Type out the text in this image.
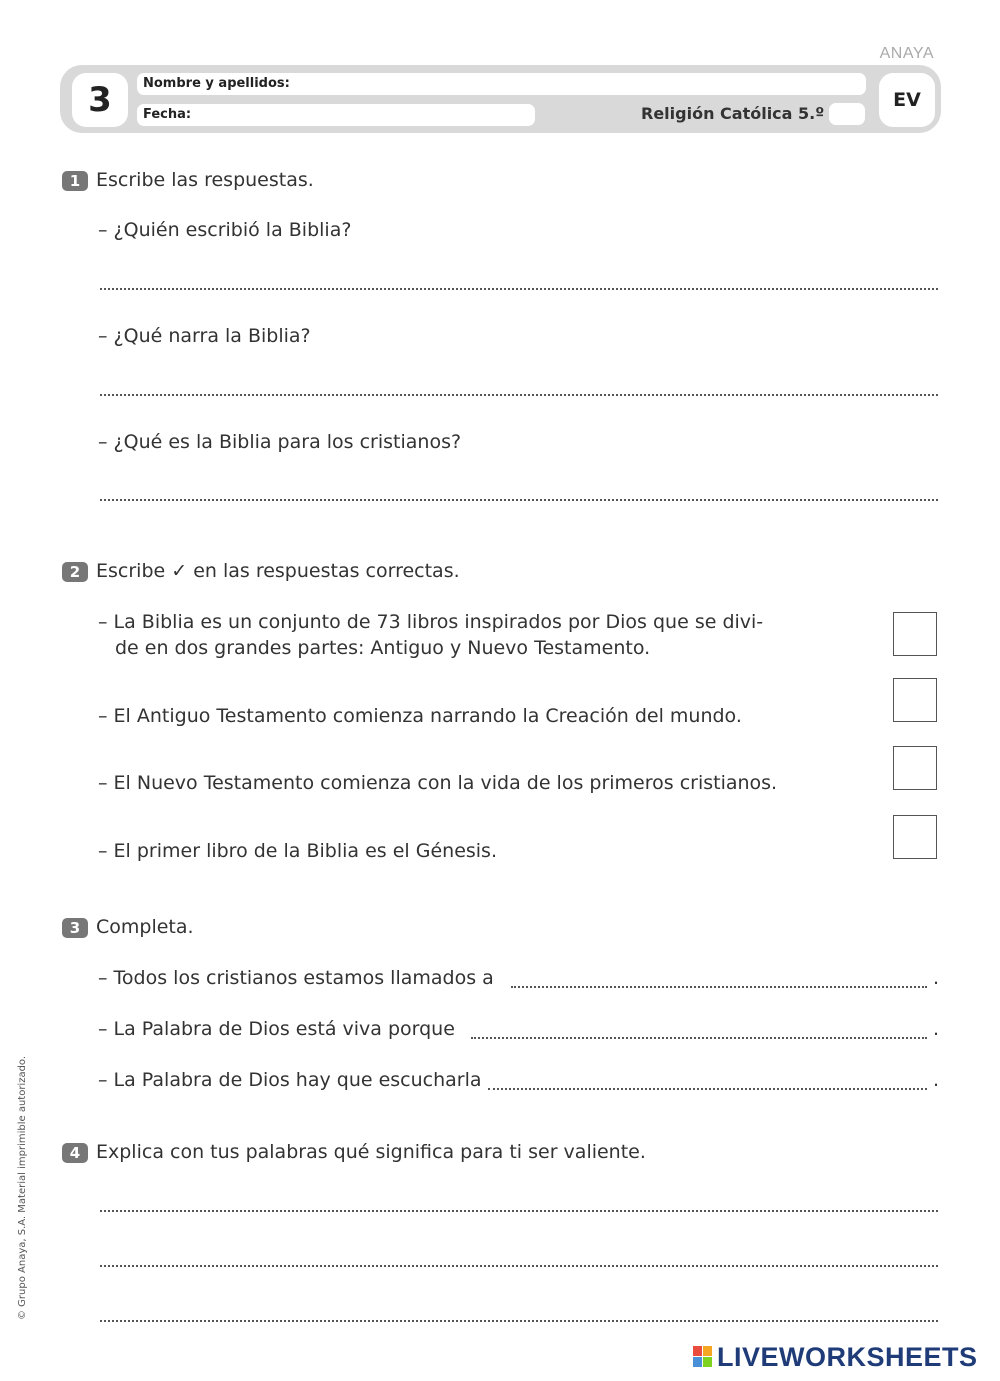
ANAYA
3	Nombre y apellidos:
Fecha:	Religión Católica 5.º
EV
1 Escribe las respuestas.
– ¿Quién escribió la Biblia?
– ¿Qué narra la Biblia?
– ¿Qué es la Biblia para los cristianos?
2 Escribe ✓ en las respuestas correctas.
– La Biblia es un conjunto de 73 libros inspirados por Dios que se divi-
de en dos grandes partes: Antiguo y Nuevo Testamento.
– El Antiguo Testamento comienza narrando la Creación del mundo.
– El Nuevo Testamento comienza con la vida de los primeros cristianos.
– El primer libro de la Biblia es el Génesis.
3 Completa.
– Todos los cristianos estamos llamados a	.
– La Palabra de Dios está viva porque	.
– La Palabra de Dios hay que escucharla	.
4 Explica con tus palabras qué significa para ti ser valiente.
© Grupo Anaya, S.A. Material imprimible autorizado.
LIVEWORKSHEETS
